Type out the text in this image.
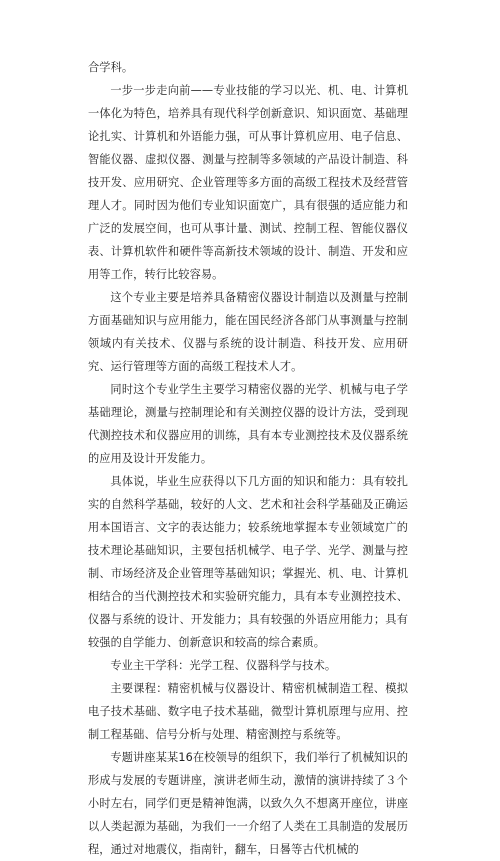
合学科。

一步一步走向前——专业技能的学习以光、机、电、计算机一体化为特色，培养具有现代科学创新意识、知识面宽、基础理论扎实、计算机和外语能力强，可从事计算机应用、电子信息、智能仪器、虚拟仪器、测量与控制等多领域的产品设计制造、科技开发、应用研究、企业管理等多方面的高级工程技术及经营管理人才。同时因为他们专业知识面宽广，具有很强的适应能力和广泛的发展空间，也可从事计量、测试、控制工程、智能仪器仪表、计算机软件和硬件等高新技术领域的设计、制造、开发和应用等工作，转行比较容易。

这个专业主要是培养具备精密仪器设计制造以及测量与控制方面基础知识与应用能力，能在国民经济各部门从事测量与控制领域内有关技术、仪器与系统的设计制造、科技开发、应用研究、运行管理等方面的高级工程技术人才。

同时这个专业学生主要学习精密仪器的光学、机械与电子学基础理论，测量与控制理论和有关测控仪器的设计方法，受到现代测控技术和仪器应用的训练，具有本专业测控技术及仪器系统的应用及设计开发能力。

具体说，毕业生应获得以下几方面的知识和能力：具有较扎实的自然科学基础，较好的人文、艺术和社会科学基础及正确运用本国语言、文字的表达能力；较系统地掌握本专业领域宽广的技术理论基础知识，主要包括机械学、电子学、光学、测量与控制、市场经济及企业管理等基础知识；掌握光、机、电、计算机相结合的当代测控技术和实验研究能力，具有本专业测控技术、仪器与系统的设计、开发能力；具有较强的外语应用能力；具有较强的自学能力、创新意识和较高的综合素质。

专业主干学科：光学工程、仪器科学与技术。

主要课程：精密机械与仪器设计、精密机械制造工程、模拟电子技术基础、数字电子技术基础，微型计算机原理与应用、控制工程基础、信号分析与处理、精密测控与系统等。

专题讲座某某16在校领导的组织下，我们举行了机械知识的形成与发展的专题讲座，演讲老师生动，激情的演讲持续了３个小时左右，同学们更是精神饱满，以致久久不想离开座位，讲座以人类起源为基础，为我们一一介绍了人类在工具制造的发展历程，通过对地震仪，指南针，翻车，日晷等古代机械的
